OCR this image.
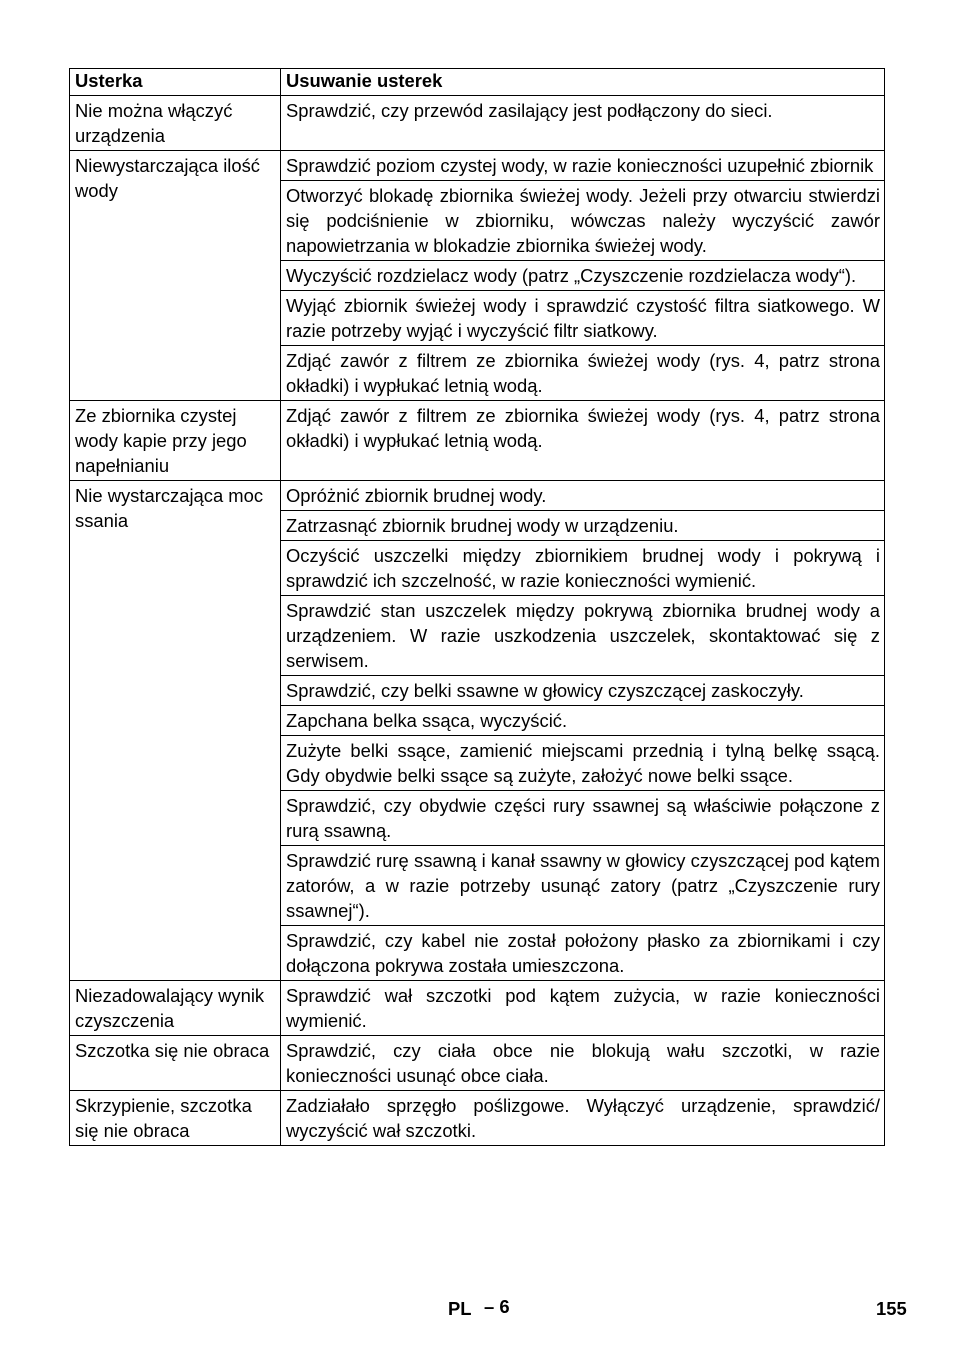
Usterka	Usuwanie usterek
Nie można włączyć urządzenia	Sprawdzić, czy przewód zasilający jest podłączony do sieci.
Niewystarczająca ilość wody	Sprawdzić poziom czystej wody, w razie konieczności uzupełnić zbiornik
	Otworzyć blokadę zbiornika świeżej wody. Jeżeli przy otwarciu stwierdzi się podciśnienie w zbiorniku, wówczas należy wyczyścić zawór napowietrzania w blokadzie zbiornika świeżej wody.
	Wyczyścić rozdzielacz wody (patrz „Czyszczenie rozdzielacza wody“).
	Wyjąć zbiornik świeżej wody i sprawdzić czystość filtra siatkowego. W razie potrzeby wyjąć i wyczyścić filtr siatkowy.
	Zdjąć zawór z filtrem ze zbiornika świeżej wody (rys. 4, patrz strona okładki) i wypłukać letnią wodą.
Ze zbiornika czystej wody kapie przy jego napełnianiu	Zdjąć zawór z filtrem ze zbiornika świeżej wody (rys. 4, patrz strona okładki) i wypłukać letnią wodą.
Nie wystarczająca moc ssania	Opróżnić zbiornik brudnej wody.
	Zatrzasnąć zbiornik brudnej wody w urządzeniu.
	Oczyścić uszczelki między zbiornikiem brudnej wody i pokrywą i sprawdzić ich szczelność, w razie konieczności wymienić.
	Sprawdzić stan uszczelek między pokrywą zbiornika brudnej wody a urządzeniem. W razie uszkodzenia uszczelek, skontaktować się z serwisem.
	Sprawdzić, czy belki ssawne w głowicy czyszczącej zaskoczyły.
	Zapchana belka ssąca, wyczyścić.
	Zużyte belki ssące, zamienić miejscami przednią i tylną belkę ssącą. Gdy obydwie belki ssące są zużyte, założyć nowe belki ssące.
	Sprawdzić, czy obydwie części rury ssawnej są właściwie połączone z rurą ssawną.
	Sprawdzić rurę ssawną i kanał ssawny w głowicy czyszczącej pod kątem zatorów, a w razie potrzeby usunąć zatory (patrz „Czyszczenie rury ssawnej“).
	Sprawdzić, czy kabel nie został położony płasko za zbiornikami i czy dołączona pokrywa została umieszczona.
Niezadowalający wynik czyszczenia	Sprawdzić wał szczotki pod kątem zużycia, w razie konieczności wymienić.
Szczotka się nie obraca	Sprawdzić, czy ciała obce nie blokują wału szczotki, w razie konieczności usunąć obce ciała.
Skrzypienie, szczotka się nie obraca	Zadziałało sprzęgło poślizgowe. Wyłączyć urządzenie, sprawdzić/ wyczyścić wał szczotki.
PL – 6	155
